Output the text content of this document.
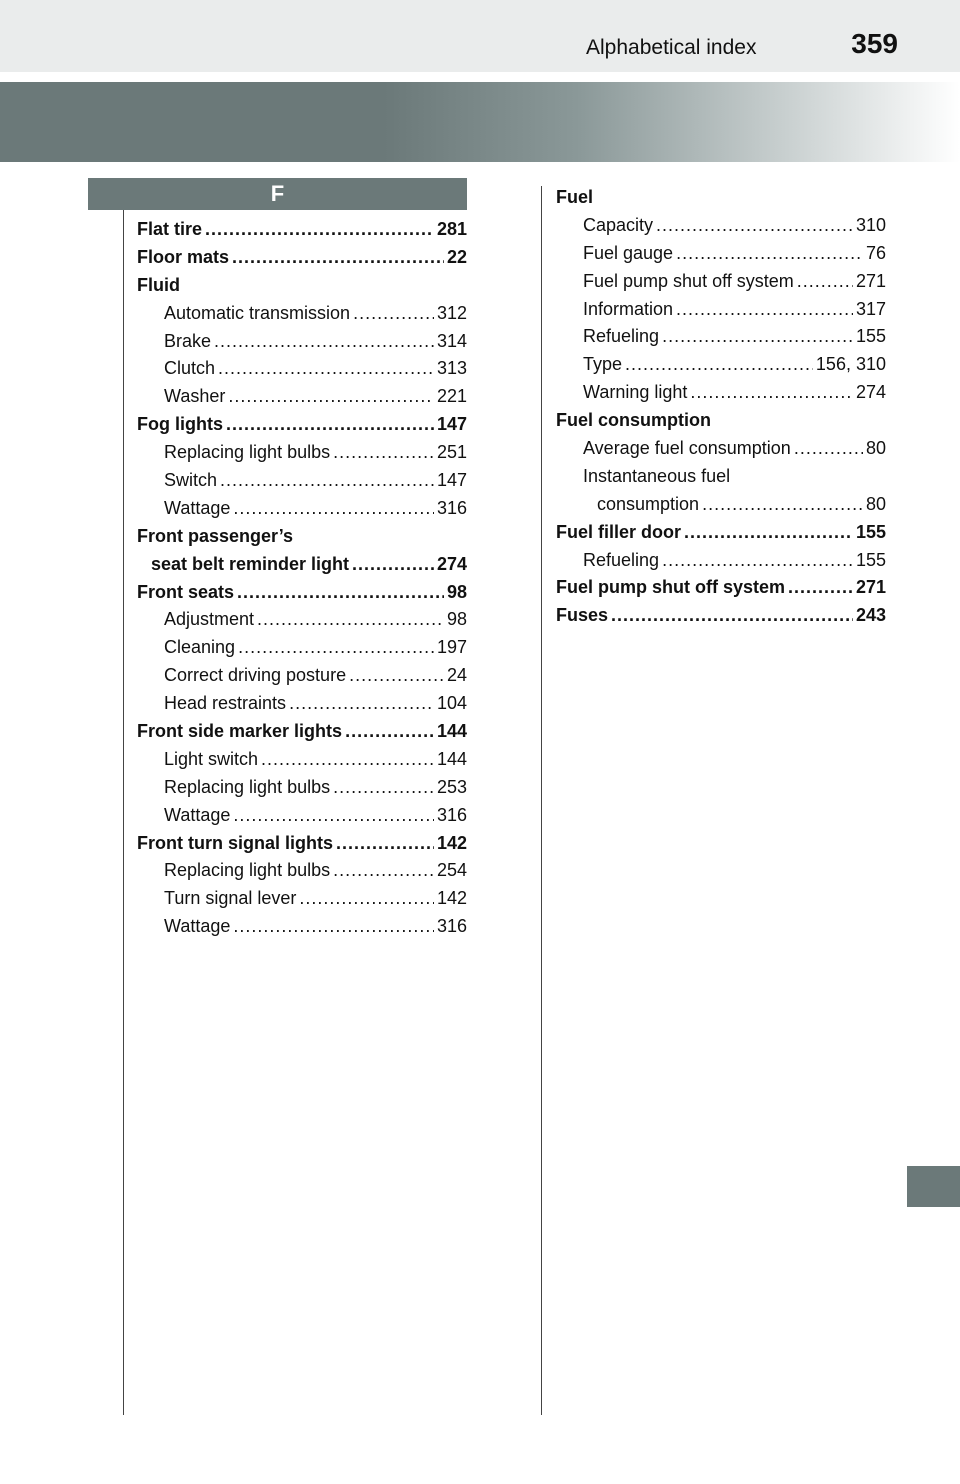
Alphabetical index	359
F
Flat tire .....	281
Floor mats .....	22
Fluid
Automatic transmission .....	312
Brake .....	314
Clutch .....	313
Washer .....	221
Fog lights .....	147
Replacing light bulbs .....	251
Switch .....	147
Wattage .....	316
Front passenger’s
seat belt reminder light .....	274
Front seats .....	98
Adjustment .....	98
Cleaning .....	197
Correct driving posture .....	24
Head restraints .....	104
Front side marker lights .....	144
Light switch .....	144
Replacing light bulbs .....	253
Wattage .....	316
Front turn signal lights .....	142
Replacing light bulbs .....	254
Turn signal lever .....	142
Wattage .....	316
Fuel
Capacity .....	310
Fuel gauge .....	76
Fuel pump shut off system .....	271
Information .....	317
Refueling .....	155
Type .....	156, 310
Warning light .....	274
Fuel consumption
Average fuel consumption .....	80
Instantaneous fuel
consumption .....	80
Fuel filler door .....	155
Refueling .....	155
Fuel pump shut off system .....	271
Fuses .....	243
